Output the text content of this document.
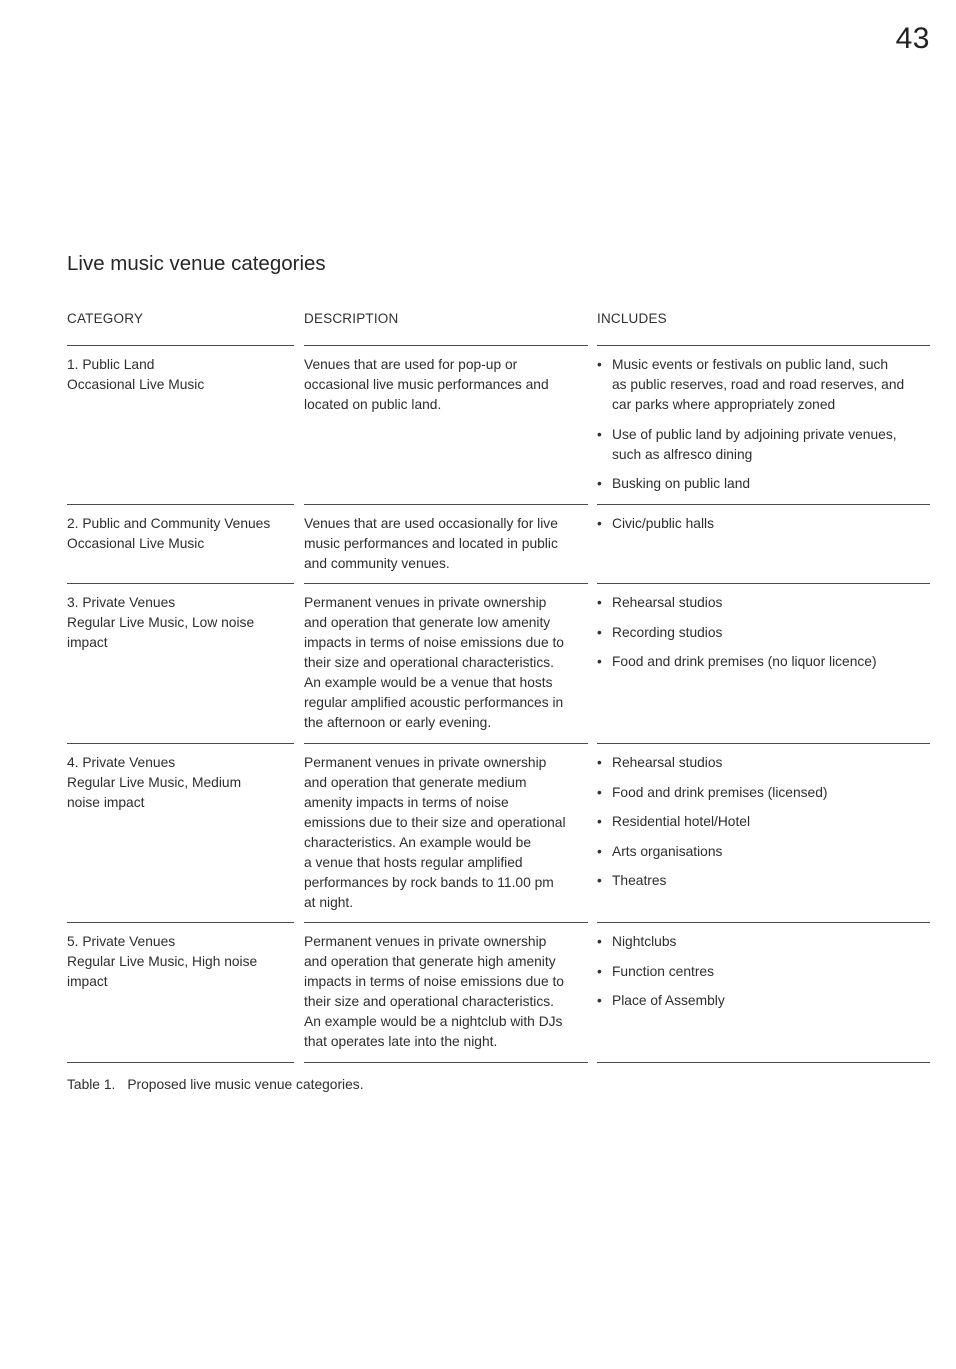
43
Live music venue categories
CATEGORY	DESCRIPTION	INCLUDES
1. Public Land
Occasional Live Music
Venues that are used for pop-up or
occasional live music performances and
located on public land.
• Music events or festivals on public land, such
as public reserves, road and road reserves, and
car parks where appropriately zoned
• Use of public land by adjoining private venues,
such as alfresco dining
• Busking on public land
2. Public and Community Venues
Occasional Live Music
Venues that are used occasionally for live
music performances and located in public
and community venues.
• Civic/public halls
3. Private Venues
Regular Live Music, Low noise
impact
Permanent venues in private ownership
and operation that generate low amenity
impacts in terms of noise emissions due to
their size and operational characteristics.
An example would be a venue that hosts
regular amplified acoustic performances in
the afternoon or early evening.
• Rehearsal studios
• Recording studios
• Food and drink premises (no liquor licence)
4. Private Venues
Regular Live Music, Medium
noise impact
Permanent venues in private ownership
and operation that generate medium
amenity impacts in terms of noise
emissions due to their size and operational
characteristics. An example would be
a venue that hosts regular amplified
performances by rock bands to 11.00 pm
at night.
• Rehearsal studios
• Food and drink premises (licensed)
• Residential hotel/Hotel
• Arts organisations
• Theatres
5. Private Venues
Regular Live Music, High noise
impact
Permanent venues in private ownership
and operation that generate high amenity
impacts in terms of noise emissions due to
their size and operational characteristics.
An example would be a nightclub with DJs
that operates late into the night.
• Nightclubs
• Function centres
• Place of Assembly
Table 1. Proposed live music venue categories.
